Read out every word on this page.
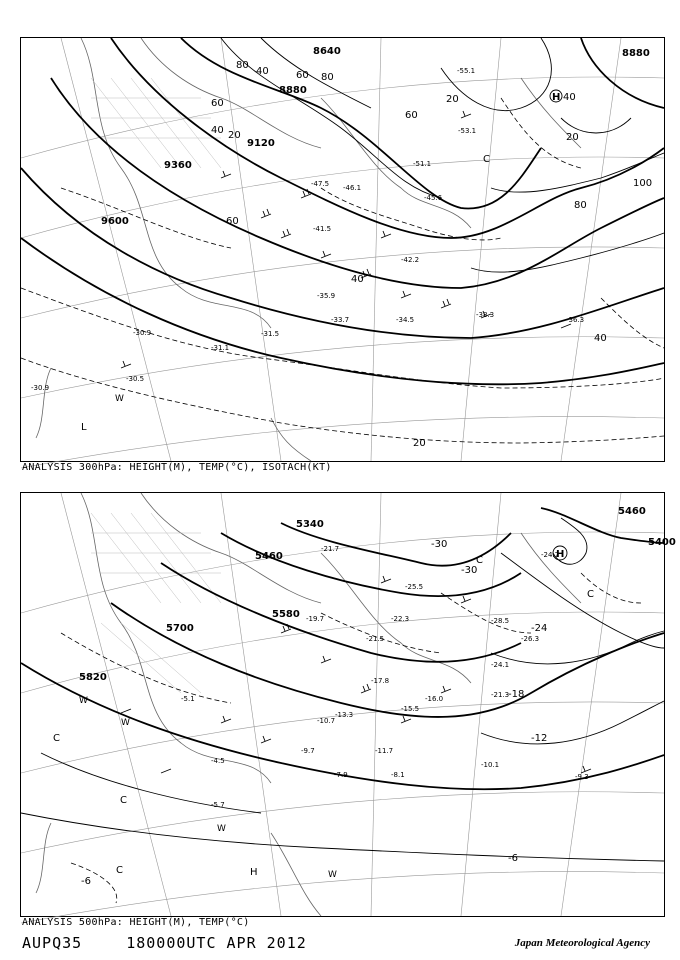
8640
8880
9120
9360
9600
8880
40	60 80
60
80
40 20
60
40
80
100
60
40
40
20
20
20
-41.5
-45.6
-46.1
-47.5
-42.2
-38.3
-34.5
-31.1
-30.5
-33.7	-36.3
-35.9
-31.5
-30.9
-30.9
-55.1
-53.1
-51.1
H
L
W
C
ANALYSIS 300hPa: HEIGHT(M), TEMP(°C), ISOTACH(KT)
5340
5460
5580
5700
5820
5460
5400
-30
-24
-18
-12
-6
-6
-30
-21.7
-25.5
-22.3
-19.7
-21.5
-13.3
-17.8
-16.0
-15.5
-10.7
-9.7	-11.7
-8.1
-7.9
-10.1
-9.3
-5.7
-4.5
-5.1
-24.1
-21.3
-26.3
-24.7
-28.5
H
H
C
C
C
W
W
W
W
C
C
ANALYSIS 500hPa: HEIGHT(M), TEMP(°C)
AUPQ35	180000UTC APR 2012	Japan Meteorological Agency
